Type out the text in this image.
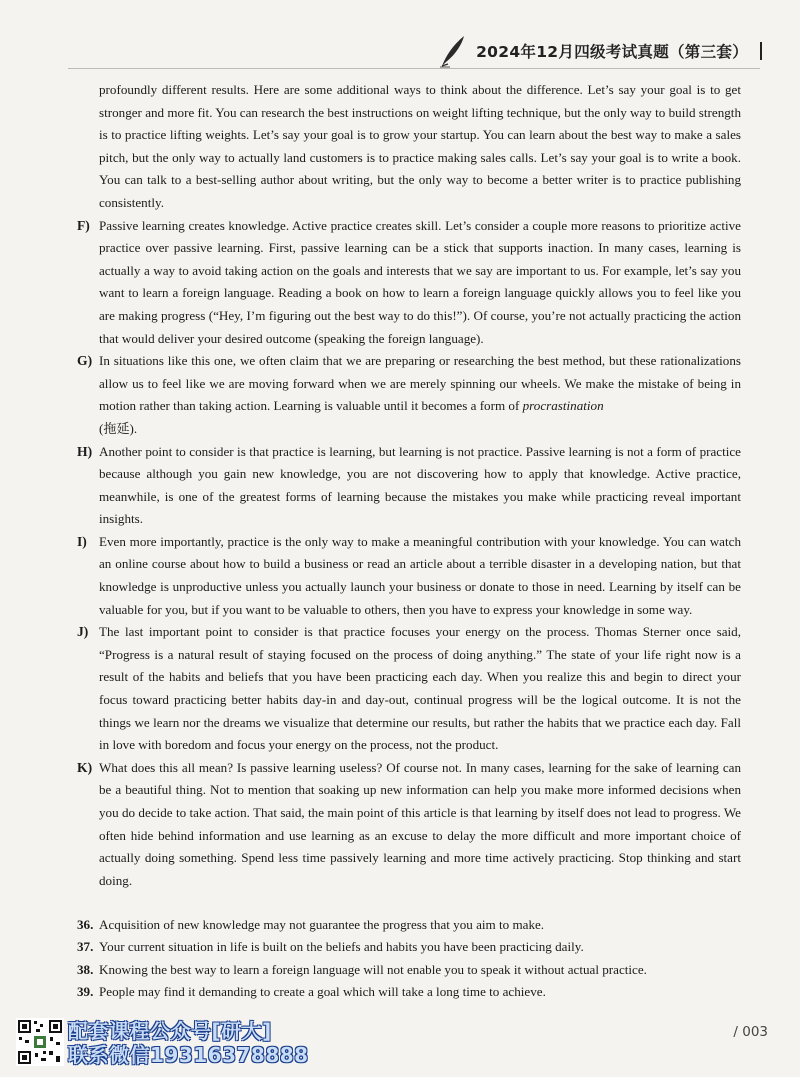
2024年12月四级考试真题（第三套）
profoundly different results. Here are some additional ways to think about the difference. Let’s say your goal is to get stronger and more fit. You can research the best instructions on weight lifting technique, but the only way to build strength is to practice lifting weights. Let’s say your goal is to grow your startup. You can learn about the best way to make a sales pitch, but the only way to actually land customers is to practice making sales calls. Let’s say your goal is to write a book. You can talk to a best-selling author about writing, but the only way to become a better writer is to practice publishing consistently.
F) Passive learning creates knowledge. Active practice creates skill. Let’s consider a couple more reasons to prioritize active practice over passive learning. First, passive learning can be a stick that supports inaction. In many cases, learning is actually a way to avoid taking action on the goals and interests that we say are important to us. For example, let’s say you want to learn a foreign language. Reading a book on how to learn a foreign language quickly allows you to feel like you are making progress (“Hey, I’m figuring out the best way to do this!”). Of course, you’re not actually practicing the action that would deliver your desired outcome (speaking the foreign language).
G) In situations like this one, we often claim that we are preparing or researching the best method, but these rationalizations allow us to feel like we are moving forward when we are merely spinning our wheels. We make the mistake of being in motion rather than taking action. Learning is valuable until it becomes a form of procrastination
(拖延).
H) Another point to consider is that practice is learning, but learning is not practice. Passive learning is not a form of practice because although you gain new knowledge, you are not discovering how to apply that knowledge. Active practice, meanwhile, is one of the greatest forms of learning because the mistakes you make while practicing reveal important insights.
I) Even more importantly, practice is the only way to make a meaningful contribution with your knowledge. You can watch an online course about how to build a business or read an article about a terrible disaster in a developing nation, but that knowledge is unproductive unless you actually launch your business or donate to those in need. Learning by itself can be valuable for you, but if you want to be valuable to others, then you have to express your knowledge in some way.
J) The last important point to consider is that practice focuses your energy on the process. Thomas Sterner once said, “Progress is a natural result of staying focused on the process of doing anything.” The state of your life right now is a result of the habits and beliefs that you have been practicing each day. When you realize this and begin to direct your focus toward practicing better habits day-in and day-out, continual progress will be the logical outcome. It is not the things we learn nor the dreams we visualize that determine our results, but rather the habits that we practice each day. Fall in love with boredom and focus your energy on the process, not the product.
K) What does this all mean? Is passive learning useless? Of course not. In many cases, learning for the sake of learning can be a beautiful thing. Not to mention that soaking up new information can help you make more informed decisions when you do decide to take action. That said, the main point of this article is that learning by itself does not lead to progress. We often hide behind information and use learning as an excuse to delay the more difficult and more important choice of actually doing something. Spend less time passively learning and more time actively practicing. Stop thinking and start doing.
36. Acquisition of new knowledge may not guarantee the progress that you aim to make.
37. Your current situation in life is built on the beliefs and habits you have been practicing daily.
38. Knowing the best way to learn a foreign language will not enable you to speak it without actual practice.
39. People may find it demanding to create a goal which will take a long time to achieve.
配套课程公众号[研大]
联系微信19316378888
/ 003
